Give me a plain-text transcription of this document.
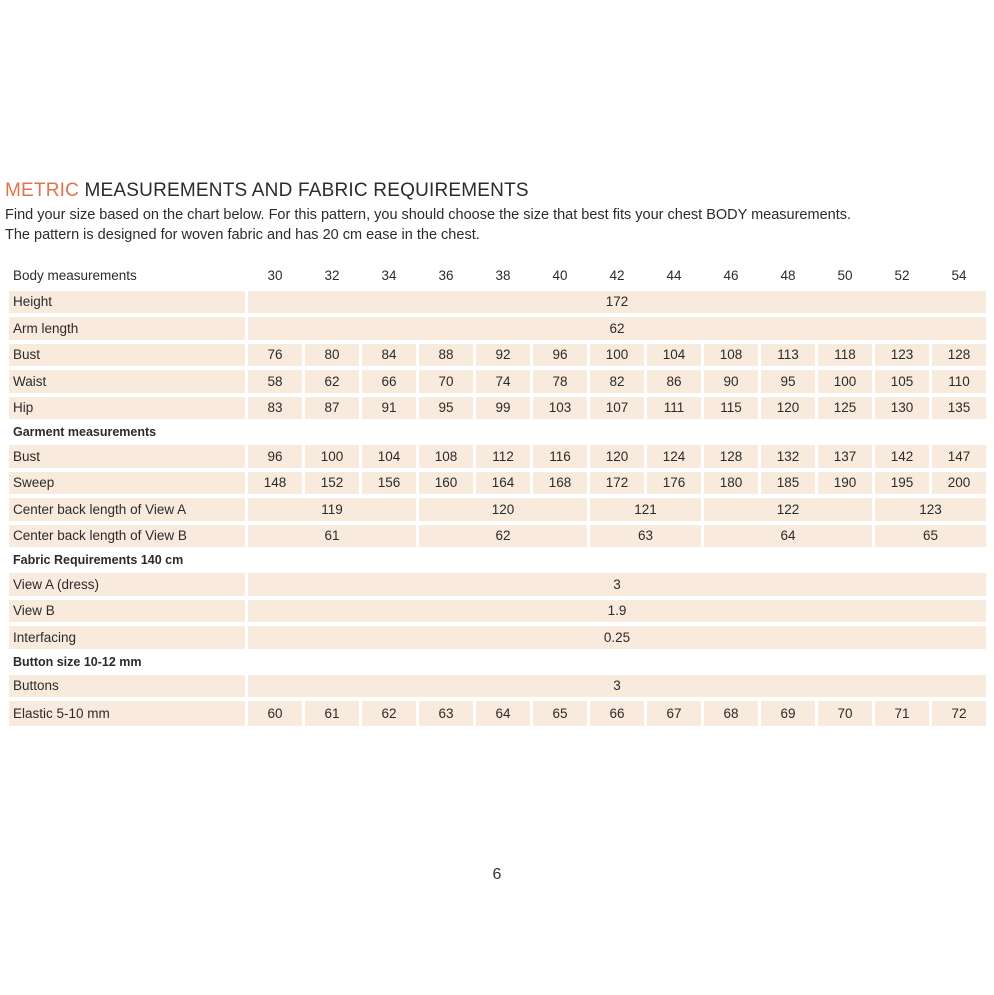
METRIC MEASUREMENTS AND FABRIC REQUIREMENTS
Find your size based on the chart below. For this pattern, you should choose the size that best fits your chest BODY measurements.
The pattern is designed for woven fabric and has 20 cm ease in the chest.
Body measurements	30	32	34	36	38	40	42	44	46	48	50	52	54
Height	172												
Arm length	62												
Bust	76	80	84	88	92	96	100	104	108	113	118	123	128
Waist	58	62	66	70	74	78	82	86	90	95	100	105	110
Hip	83	87	91	95	99	103	107	111	115	120	125	130	135
Garment measurements													
Bust	96	100	104	108	112	116	120	124	128	132	137	142	147
Sweep	148	152	156	160	164	168	172	176	180	185	190	195	200
Center back length of View A	119			120			121		122			123	
Center back length of View B	61			62			63		64			65	
Fabric Requirements 140 cm													
View A (dress)	3												
View B	1.9												
Interfacing	0.25												
Button size 10-12 mm													
Buttons	3												
Elastic 5-10 mm	60	61	62	63	64	65	66	67	68	69	70	71	72
6
